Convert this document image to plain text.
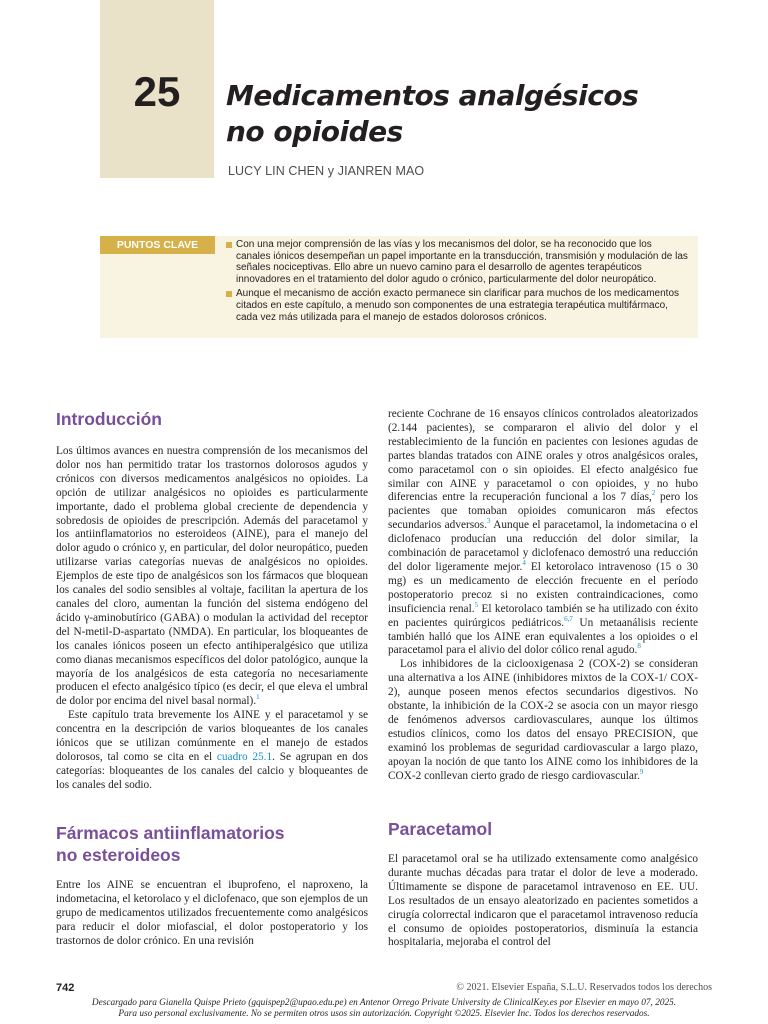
25	Medicamentos analgésicos
no opioides
LUCY LIN CHEN y JIANREN MAO
PUNTOS CLAVE	Con una mejor comprensión de las vías y los mecanismos del dolor, se ha reconocido que los canales iónicos desempeñan un papel importante en la transducción, transmisión y modulación de las señales nociceptivas. Ello abre un nuevo camino para el desarrollo de agentes terapéuticos innovadores en el tratamiento del dolor agudo o crónico, particularmente del dolor neuropático.
Aunque el mecanismo de acción exacto permanece sin clarificar para muchos de los medicamentos citados en este capítulo, a menudo son componentes de una estrategia terapéutica multifármaco, cada vez más utilizada para el manejo de estados dolorosos crónicos.
Introducción

Los últimos avances en nuestra comprensión de los mecanismos del dolor nos han permitido tratar los trastornos dolorosos agudos y crónicos con diversos medicamentos analgésicos no opioides. La opción de utilizar analgésicos no opioides es particularmente importante, dado el problema global creciente de dependencia y sobredosis de opioides de prescripción. Además del paracetamol y los antiinflamatorios no esteroideos (AINE), para el manejo del dolor agudo o crónico y, en particular, del dolor neuropático, pueden utilizarse varias categorías nuevas de analgésicos no opioides. Ejemplos de este tipo de analgésicos son los fármacos que bloquean los canales del sodio sensibles al voltaje, facilitan la apertura de los canales del cloro, aumentan la función del sistema endógeno del ácido γ-aminobutírico (GABA) o modulan la actividad del receptor del N-metil-D-aspartato (NMDA). En particular, los bloqueantes de los canales iónicos poseen un efecto antihiperalgésico que utiliza como dianas mecanismos específicos del dolor patológico, aunque la mayoría de los analgésicos de esta categoría no necesariamente producen el efecto analgésico típico (es decir, el que eleva el umbral de dolor por encima del nivel basal normal).$^1$

Este capítulo trata brevemente los AINE y el paracetamol y se concentra en la descripción de varios bloqueantes de los canales iónicos que se utilizan comúnmente en el manejo de estados dolorosos, tal como se cita en el cuadro 25.1. Se agrupan en dos categorías: bloqueantes de los canales del calcio y bloqueantes de los canales del sodio.

Fármacos antiinflamatorios
no esteroideos

Entre los AINE se encuentran el ibuprofeno, el naproxeno, la indometacina, el ketorolaco y el diclofenaco, que son ejemplos de un grupo de medicamentos utilizados frecuentemente como analgésicos para reducir el dolor miofascial, el dolor postoperatorio y los trastornos de dolor crónico. En una revisión

reciente Cochrane de 16 ensayos clínicos controlados aleatorizados (2.144 pacientes), se compararon el alivio del dolor y el restablecimiento de la función en pacientes con lesiones agudas de partes blandas tratados con AINE orales y otros analgésicos orales, como paracetamol con o sin opioides. El efecto analgésico fue similar con AINE y paracetamol o con opioides, y no hubo diferencias entre la recuperación funcional a los 7 días,$^2$ pero los pacientes que tomaban opioides comunicaron más efectos secundarios adversos.$^3$ Aunque el paracetamol, la indometacina o el diclofenaco producían una reducción del dolor similar, la combinación de paracetamol y diclofenaco demostró una reducción del dolor ligeramente mejor.$^4$ El ketorolaco intravenoso (15 o 30 mg) es un medicamento de elección frecuente en el período postoperatorio precoz si no existen contraindicaciones, como insuficiencia renal.$^5$ El ketorolaco también se ha utilizado con éxito en pacientes quirúrgicos pediátricos.$^{6,7}$ Un metaanálisis reciente también halló que los AINE eran equivalentes a los opioides o el paracetamol para el alivio del dolor cólico renal agudo.$^8$

Los inhibidores de la ciclooxigenasa 2 (COX-2) se consideran una alternativa a los AINE (inhibidores mixtos de la COX-1/ COX-2), aunque poseen menos efectos secundarios digestivos. No obstante, la inhibición de la COX-2 se asocia con un mayor riesgo de fenómenos adversos cardiovasculares, aunque los últimos estudios clínicos, como los datos del ensayo PRECISION, que examinó los problemas de seguridad cardiovascular a largo plazo, apoyan la noción de que tanto los AINE como los inhibidores de la COX-2 conllevan cierto grado de riesgo cardiovascular.$^9$

Paracetamol

El paracetamol oral se ha utilizado extensamente como analgésico durante muchas décadas para tratar el dolor de leve a moderado. Últimamente se dispone de paracetamol intravenoso en EE. UU. Los resultados de un ensayo aleatorizado en pacientes sometidos a cirugía colorrectal indicaron que el paracetamol intravenoso reducía el consumo de opioides postoperatorios, disminuía la estancia hospitalaria, mejoraba el control del

742	© 2021. Elsevier España, S.L.U. Reservados todos los derechos
Descargado para Gianella Quispe Prieto (gquispep2@upao.edu.pe) en Antenor Orrego Private University de ClinicalKey.es por Elsevier en mayo 07, 2025.
Para uso personal exclusivamente. No se permiten otros usos sin autorización. Copyright ©2025. Elsevier Inc. Todos los derechos reservados.
